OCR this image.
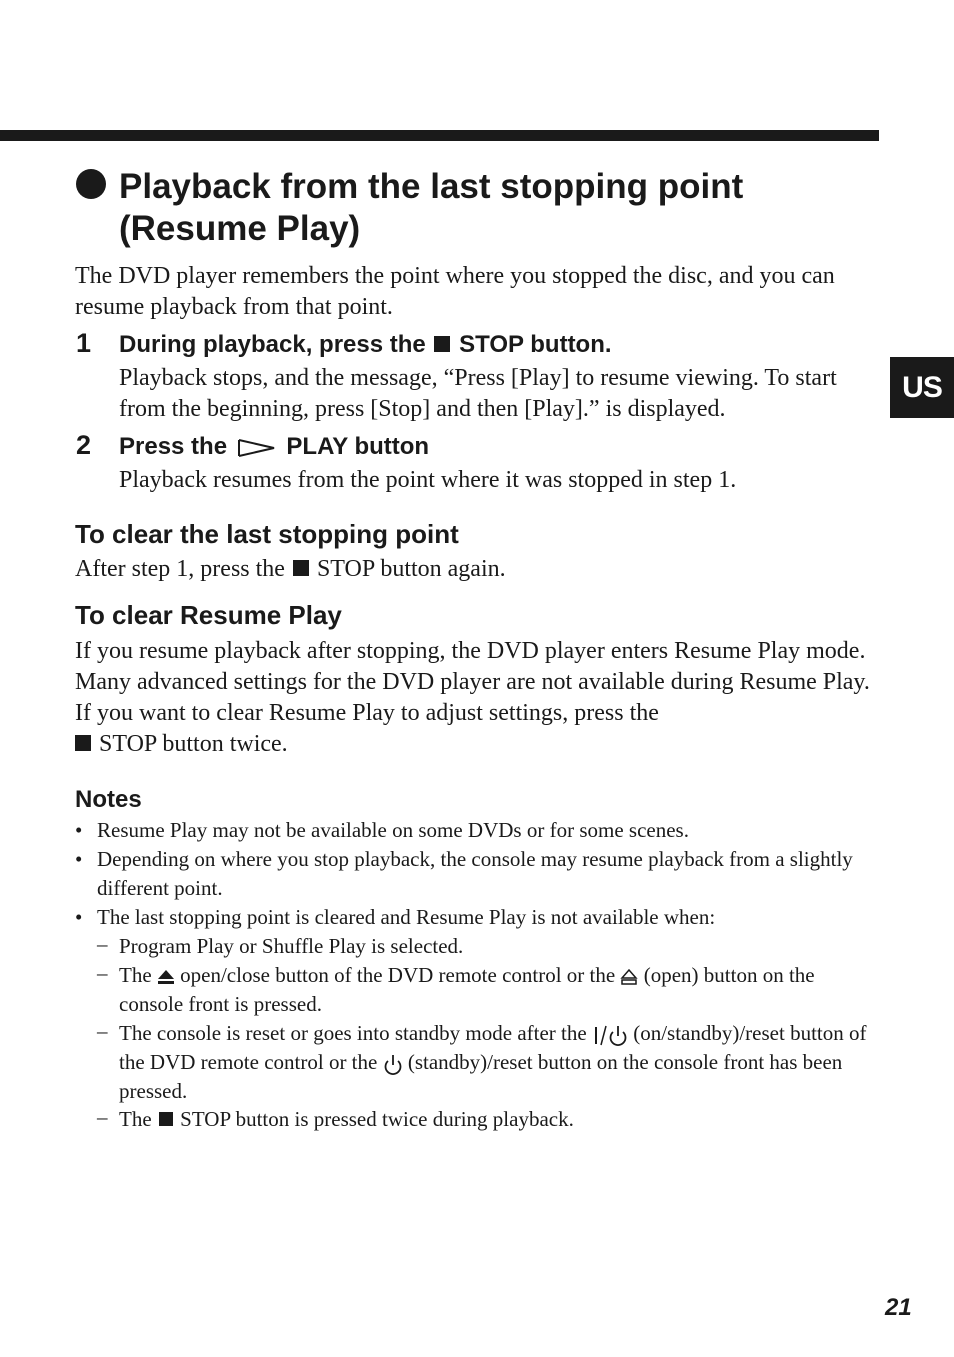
US
Playback from the last stopping point (Resume Play)
The DVD player remembers the point where you stopped the disc, and you can resume playback from that point.
1 During playback, press the STOP button.
Playback stops, and the message, “Press [Play] to resume viewing. To start from the beginning, press [Stop] and then [Play].” is displayed.
2 Press the PLAY button
Playback resumes from the point where it was stopped in step 1.
To clear the last stopping point
After step 1, press the STOP button again.
To clear Resume Play
If you resume playback after stopping, the DVD player enters Resume Play mode. Many advanced settings for the DVD player are not available during Resume Play. If you want to clear Resume Play to adjust settings, press the
STOP button twice.
Notes
• Resume Play may not be available on some DVDs or for some scenes.
• Depending on where you stop playback, the console may resume playback from a slightly different point.
• The last stopping point is cleared and Resume Play is not available when:
– Program Play or Shuffle Play is selected.
– The open/close button of the DVD remote control or the (open) button on the console front is pressed.
– The console is reset or goes into standby mode after the (on/standby)/reset button of the DVD remote control or the (standby)/reset button on the console front has been pressed.
– The STOP button is pressed twice during playback.
21
